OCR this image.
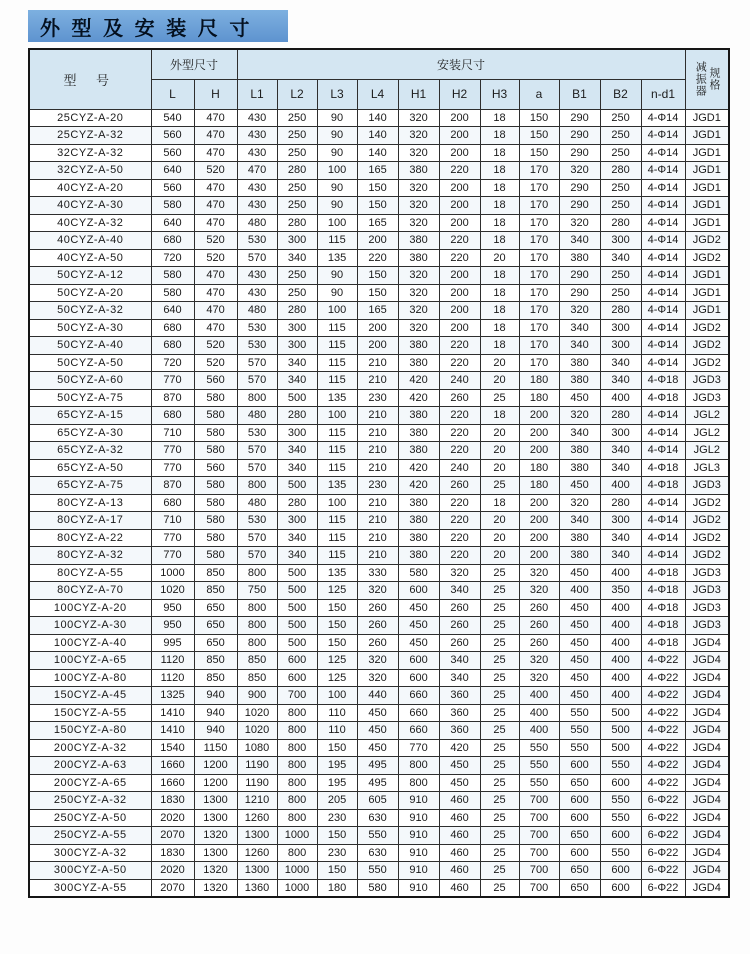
外 型 及 安 装 尺 寸
型 号	外型尺寸		安装尺寸											减振器 规格

	L	H	L1	L2	L3	L4	H1	H2	H3	a	B1	B2	n-d1	
25CYZ-A-20	540	470	430	250	90	140	320	200	18	150	290	250	4-Φ14	JGD1
25CYZ-A-32	560	470	430	250	90	140	320	200	18	150	290	250	4-Φ14	JGD1
32CYZ-A-32	560	470	430	250	90	140	320	200	18	150	290	250	4-Φ14	JGD1
32CYZ-A-50	640	520	470	280	100	165	380	220	18	170	320	280	4-Φ14	JGD1
40CYZ-A-20	560	470	430	250	90	150	320	200	18	170	290	250	4-Φ14	JGD1
40CYZ-A-30	580	470	430	250	90	150	320	200	18	170	290	250	4-Φ14	JGD1
40CYZ-A-32	640	470	480	280	100	165	320	200	18	170	320	280	4-Φ14	JGD1
40CYZ-A-40	680	520	530	300	115	200	380	220	18	170	340	300	4-Φ14	JGD2
40CYZ-A-50	720	520	570	340	135	220	380	220	20	170	380	340	4-Φ14	JGD2
50CYZ-A-12	580	470	430	250	90	150	320	200	18	170	290	250	4-Φ14	JGD1
50CYZ-A-20	580	470	430	250	90	150	320	200	18	170	290	250	4-Φ14	JGD1
50CYZ-A-32	640	470	480	280	100	165	320	200	18	170	320	280	4-Φ14	JGD1
50CYZ-A-30	680	470	530	300	115	200	320	200	18	170	340	300	4-Φ14	JGD2
50CYZ-A-40	680	520	530	300	115	200	380	220	18	170	340	300	4-Φ14	JGD2
50CYZ-A-50	720	520	570	340	115	210	380	220	20	170	380	340	4-Φ14	JGD2
50CYZ-A-60	770	560	570	340	115	210	420	240	20	180	380	340	4-Φ18	JGD3
50CYZ-A-75	870	580	800	500	135	230	420	260	25	180	450	400	4-Φ18	JGD3
65CYZ-A-15	680	580	480	280	100	210	380	220	18	200	320	280	4-Φ14	JGL2
65CYZ-A-30	710	580	530	300	115	210	380	220	20	200	340	300	4-Φ14	JGL2
65CYZ-A-32	770	580	570	340	115	210	380	220	20	200	380	340	4-Φ14	JGL2
65CYZ-A-50	770	560	570	340	115	210	420	240	20	180	380	340	4-Φ18	JGL3
65CYZ-A-75	870	580	800	500	135	230	420	260	25	180	450	400	4-Φ18	JGD3
80CYZ-A-13	680	580	480	280	100	210	380	220	18	200	320	280	4-Φ14	JGD2
80CYZ-A-17	710	580	530	300	115	210	380	220	20	200	340	300	4-Φ14	JGD2
80CYZ-A-22	770	580	570	340	115	210	380	220	20	200	380	340	4-Φ14	JGD2
80CYZ-A-32	770	580	570	340	115	210	380	220	20	200	380	340	4-Φ14	JGD2
80CYZ-A-55	1000	850	800	500	135	330	580	320	25	320	450	400	4-Φ18	JGD3
80CYZ-A-70	1020	850	750	500	125	320	600	340	25	320	400	350	4-Φ18	JGD3
100CYZ-A-20	950	650	800	500	150	260	450	260	25	260	450	400	4-Φ18	JGD3
100CYZ-A-30	950	650	800	500	150	260	450	260	25	260	450	400	4-Φ18	JGD3
100CYZ-A-40	995	650	800	500	150	260	450	260	25	260	450	400	4-Φ18	JGD4
100CYZ-A-65	1120	850	850	600	125	320	600	340	25	320	450	400	4-Φ22	JGD4
100CYZ-A-80	1120	850	850	600	125	320	600	340	25	320	450	400	4-Φ22	JGD4
150CYZ-A-45	1325	940	900	700	100	440	660	360	25	400	450	400	4-Φ22	JGD4
150CYZ-A-55	1410	940	1020	800	110	450	660	360	25	400	550	500	4-Φ22	JGD4
150CYZ-A-80	1410	940	1020	800	110	450	660	360	25	400	550	500	4-Φ22	JGD4
200CYZ-A-32	1540	1150	1080	800	150	450	770	420	25	550	550	500	4-Φ22	JGD4
200CYZ-A-63	1660	1200	1190	800	195	495	800	450	25	550	600	550	4-Φ22	JGD4
200CYZ-A-65	1660	1200	1190	800	195	495	800	450	25	550	650	600	4-Φ22	JGD4
250CYZ-A-32	1830	1300	1210	800	205	605	910	460	25	700	600	550	6-Φ22	JGD4
250CYZ-A-50	2020	1300	1260	800	230	630	910	460	25	700	600	550	6-Φ22	JGD4
250CYZ-A-55	2070	1320	1300	1000	150	550	910	460	25	700	650	600	6-Φ22	JGD4
300CYZ-A-32	1830	1300	1260	800	230	630	910	460	25	700	600	550	6-Φ22	JGD4
300CYZ-A-50	2020	1320	1300	1000	150	550	910	460	25	700	650	600	6-Φ22	JGD4
300CYZ-A-55	2070	1320	1360	1000	180	580	910	460	25	700	650	600	6-Φ22	JGD4
